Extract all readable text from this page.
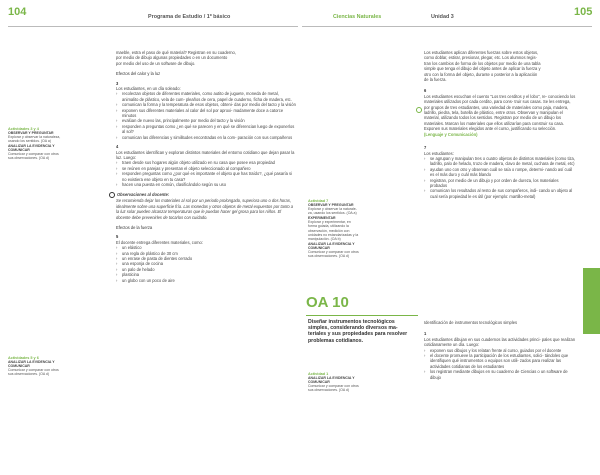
104	Programa de Estudio / 1º básico	Ciencias Naturales	Unidad 3	105
Actividades 3 y 4
OBSERVAR Y PREGUNTAR
Explorar y observar la naturaleza,
usando los sentidos. (OA a)
ANALIZAR LA EVIDENCIA Y
COMUNICAR
Comunicar y comparar con otros
sus observaciones. (OA d)
Actividades 5 y 6
ANALIZAR LA EVIDENCIA Y
COMUNICAR
Comunicar y comparar con otros
sus observaciones. (OA d)

maeble, estra el paso de qué material? Registran en su cuaderno,

por medio de dibujo algunas propiedades o en un documento

por medio del uso de un software de dibujo.

Efectos del calor y la luz
3

Los estudiantes, en un día soleado:

› recolectan objetos de diferentes materiales, como autito de juguete, moneda de metal, animalito de plástico, vela de cum- pleaños de cera, papel de cuaderno, ficha de madera, etc.
› comunican la forma y la temperatura de esos objetos, obteni- das por medio del tacto y la visión
› exponen sus diferentes materiales al calor del sol por aproxi- madamente doce a catorce minutos
› evalúan de nuevo las, principalmente por medio del tacto y la visión
› responden a preguntas como ¿en qué se parecen y en qué se diferencian luego de exponerlos al sol?
› comunican las diferencias y similitudes encontradas en la com- paración con sus compañeros
4

Los estudiantes identifican y exploran distintos materiales del entorno cotidiano que dejan pasar la luz. Luego:

› traen desde sus hogares algún objeto utilizado en su casa que posee esa propiedad
› se reúnen en parejas y presentan el objeto seleccionado al compañero
› responden preguntas como ¿por qué es importante el objeto que has traído?, ¿qué pasaría si no existiera ese objeto en tu casa?
› hacen una puesta en común, clasificándolo según su uso
Observaciones al docente:

Se recomienda dejar los materiales al sol por un periodo prolongado, superiora uno o dos horas, idealmente sobre una superficie fría. Las monedas y otros objetos de metal expuestos por tanto a la luz solar pueden alcanzar temperaturas que le puedan hacer gel grosa para los niños. El docente debe prevenirles de tocarlos con cuidado.

Efectos de la fuerza
5

El docente entrega diferentes materiales, como:

› un elástico
› una regla de plástico de 30 cm
› un enrase de pasta de dientes cerrado
› una esponja de cocina
› un palo de helado
› plasticina
› un globo con un poco de aire

Los estudiantes aplican diferentes fuerzas sobre estos objetos,

como doblar, estirar, presionar, plegar, etc. Los alumnos regis-

tran los cambios de forma de los objetos por medio de una tabla

simple que tenga el dibujo del objeto antes de aplicar la fuerza y

otro con la forma del objeto, durante o posterior a la aplicación

de la fuerza.

6

Los estudiantes escuchan el cuento "Los tres cerditos y el lobo", re- conociendo los materiales utilizados por cada cerdito, para cons- truir sus casas. Se les entrega, por grupos de tres estudiantes, una variedad de materiales como paja, madera, ladrillo, piedra, tela, botella de plástico, entre otros. Observan y manipulan el material, utilizando todos los sentidos. Registran por medio de un dibujo los materiales. Marcan los materiales que ellos utilizarían para construir su casa. Exponen sus materiales elegidos ante el curso, justificando su selección.

(Lenguaje y Comunicación)

7

Los estudiantes:

› se agrupan y manipulan tres o cuatro objetos de distintos materiales (como tiza, ladrillo, palo de helado, trozo de madera, clavo de metal, cuchara de metal, etc)
› ayudan uno con otro y observan cuál se raía o rompe, determi- nando así cuál es el más duro y cuál más blando
› registran, por medio de un dibujo y por orden de dureza, los materiales probados
› comunican los resultados al resto de sus compañeros, indi- cando un objeto al cual sería propiedad le es útil (por ejemplo: martillo-metal)
Actividad 7
OBSERVAR Y PREGUNTAR
Explorar y observar la naturale-
za, usando los sentidos. (OA a)
EXPERIMENTAR
Explorar y experimentar, en
forma guiada, utilizando la
observación, medición con
unidades no estandarizadas y la
manipulación. (OA b)
ANALIZAR LA EVIDENCIA Y
COMUNICAR
Comunicar y comparar con otros
sus observaciones. (OA d)
OA 10
Diseñar instrumentos tecnológicos simples, considerando diversos ma- teriales y sus propiedades para resolver problemas cotidianos.
Actividad 1
ANALIZAR LA EVIDENCIA Y
COMUNICAR
Comunicar y comparar con otros
sus observaciones. (OA d)
Identificación de instrumentos tecnológicos simples
1

Los estudiantes dibujan en sus cuadernos las actividades princi- pales que realizan cotidianamente un día. Luego:

› exponen sus dibujos y los relatan frente al curso, guiados por el docente
› el docente promueve la participación de los estudiantes, solici- tándoles que identifiquen qué instrumentos o equipos son utili- zados para realizar las actividades cotidianas de los estudiantes
› los registran mediante dibujos en su cuaderno de Ciencias o un software de dibujo
